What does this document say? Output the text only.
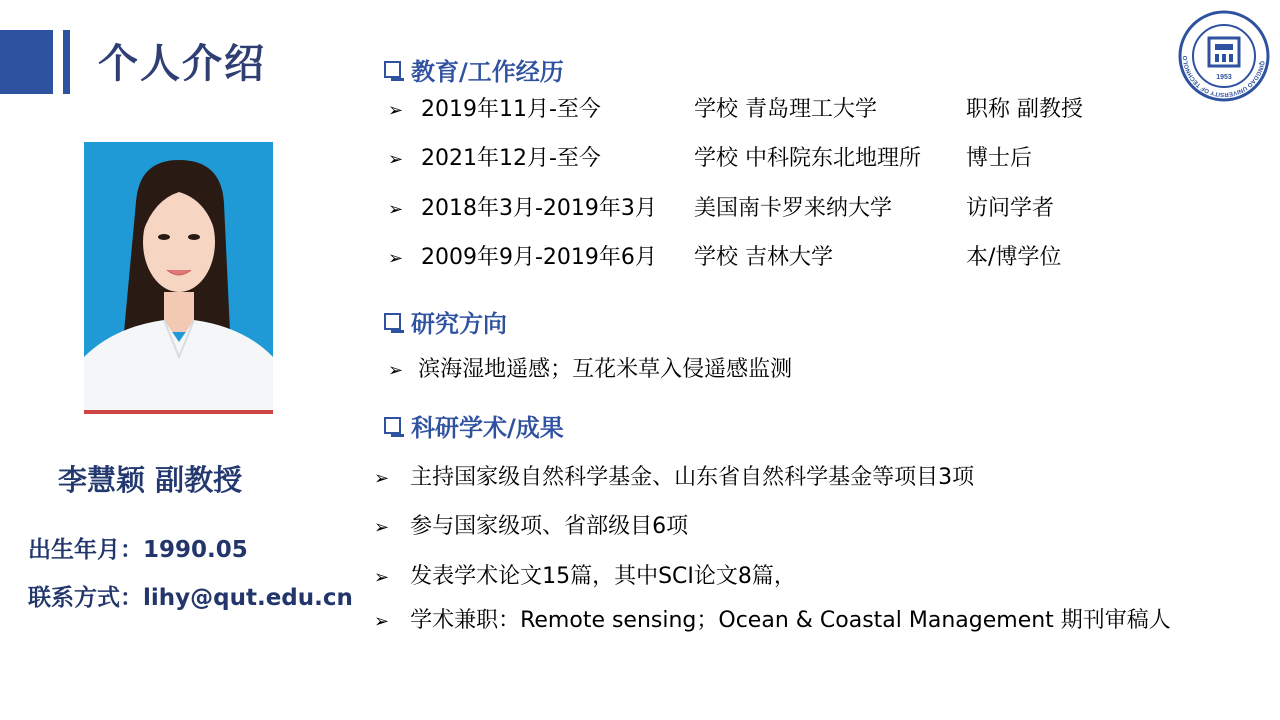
个人介绍	QINGDAO UNIVERSITY OF TECHNOLO
1953
李慧颖 副教授
出生年月：1990.05
联系方式：lihy@qut.edu.cn
教育/工作经历
➢ 2019年11月-至今	学校 青岛理工大学	职称 副教授
➢ 2021年12月-至今	学校 中科院东北地理所 博士后
➢ 2018年3月-2019年3月 美国南卡罗来纳大学	访问学者
➢ 2009年9月-2019年6月 学校 吉林大学	本/博学位
研究方向
➢ 滨海湿地遥感；互花米草入侵遥感监测
科研学术/成果
➢ 主持国家级自然科学基金、山东省自然科学基金等项目3项
➢ 参与国家级项、省部级目6项
➢ 发表学术论文15篇，其中SCI论文8篇，
➢ 学术兼职：Remote sensing；Ocean & Coastal Management 期刊审稿人
